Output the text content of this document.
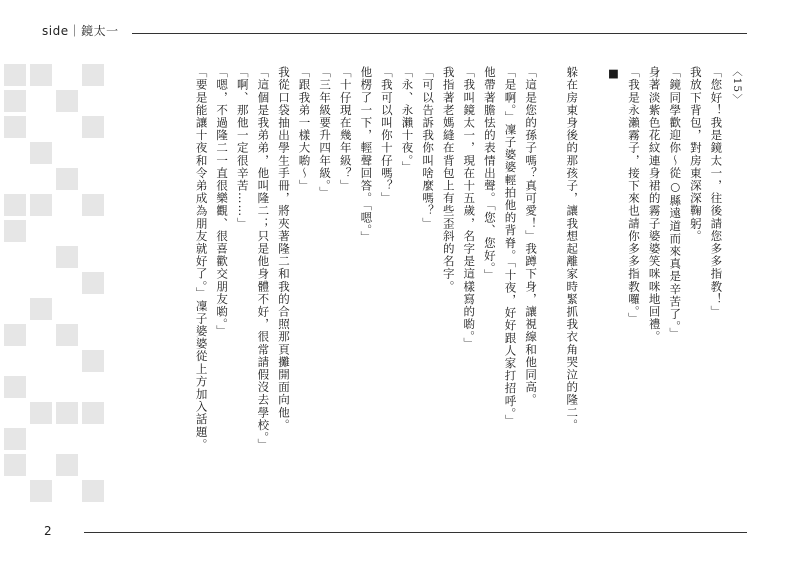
side｜鏡太一

〈15〉

「您好！我是鏡太一，往後請您多多指教！」

我放下背包，對房東深深鞠躬。

「鏡同學歡迎你～從○縣遠道而來真是辛苦了。」

身著淡紫色花紋連身裙的霧子婆婆笑咪咪地回禮。

「我是永瀨霧子，接下來也請你多多指教囉。」

■

躲在房東身後的那孩子，讓我想起離家時緊抓我衣角哭泣的隆二。

「這是您的孫子嗎？真可愛！」我蹲下身，讓視線和他同高。

「是啊。」凜子婆婆輕拍他的背脊。「十夜，好好跟人家打招呼。」

他帶著膽怯的表情出聲。「您、您好。」

「我叫鏡太一，現在十五歲，名字是這樣寫的喲。」

我指著老媽縫在背包上有些歪斜的名字。

「可以告訴我你叫啥麼嗎？」

「永、永瀨十夜。」

「我可以叫你十仔嗎？」

他楞了一下，輕聲回答。「嗯。」

「十仔現在幾年級？」

「三年級要升四年級。」

「跟我弟一樣大喲～」

我從口袋抽出學生手冊，將夾著隆二和我的合照那頁攤開面向他。

「這個是我弟弟，他叫隆二；只是他身體不好，很常請假沒去學校。」

「啊、那他一定很辛苦……」

「嗯，不過隆二一直很樂觀、很喜歡交朋友喲。」

「要是能讓十夜和令弟成為朋友就好了。」凜子婆婆從上方加入話題。

2
